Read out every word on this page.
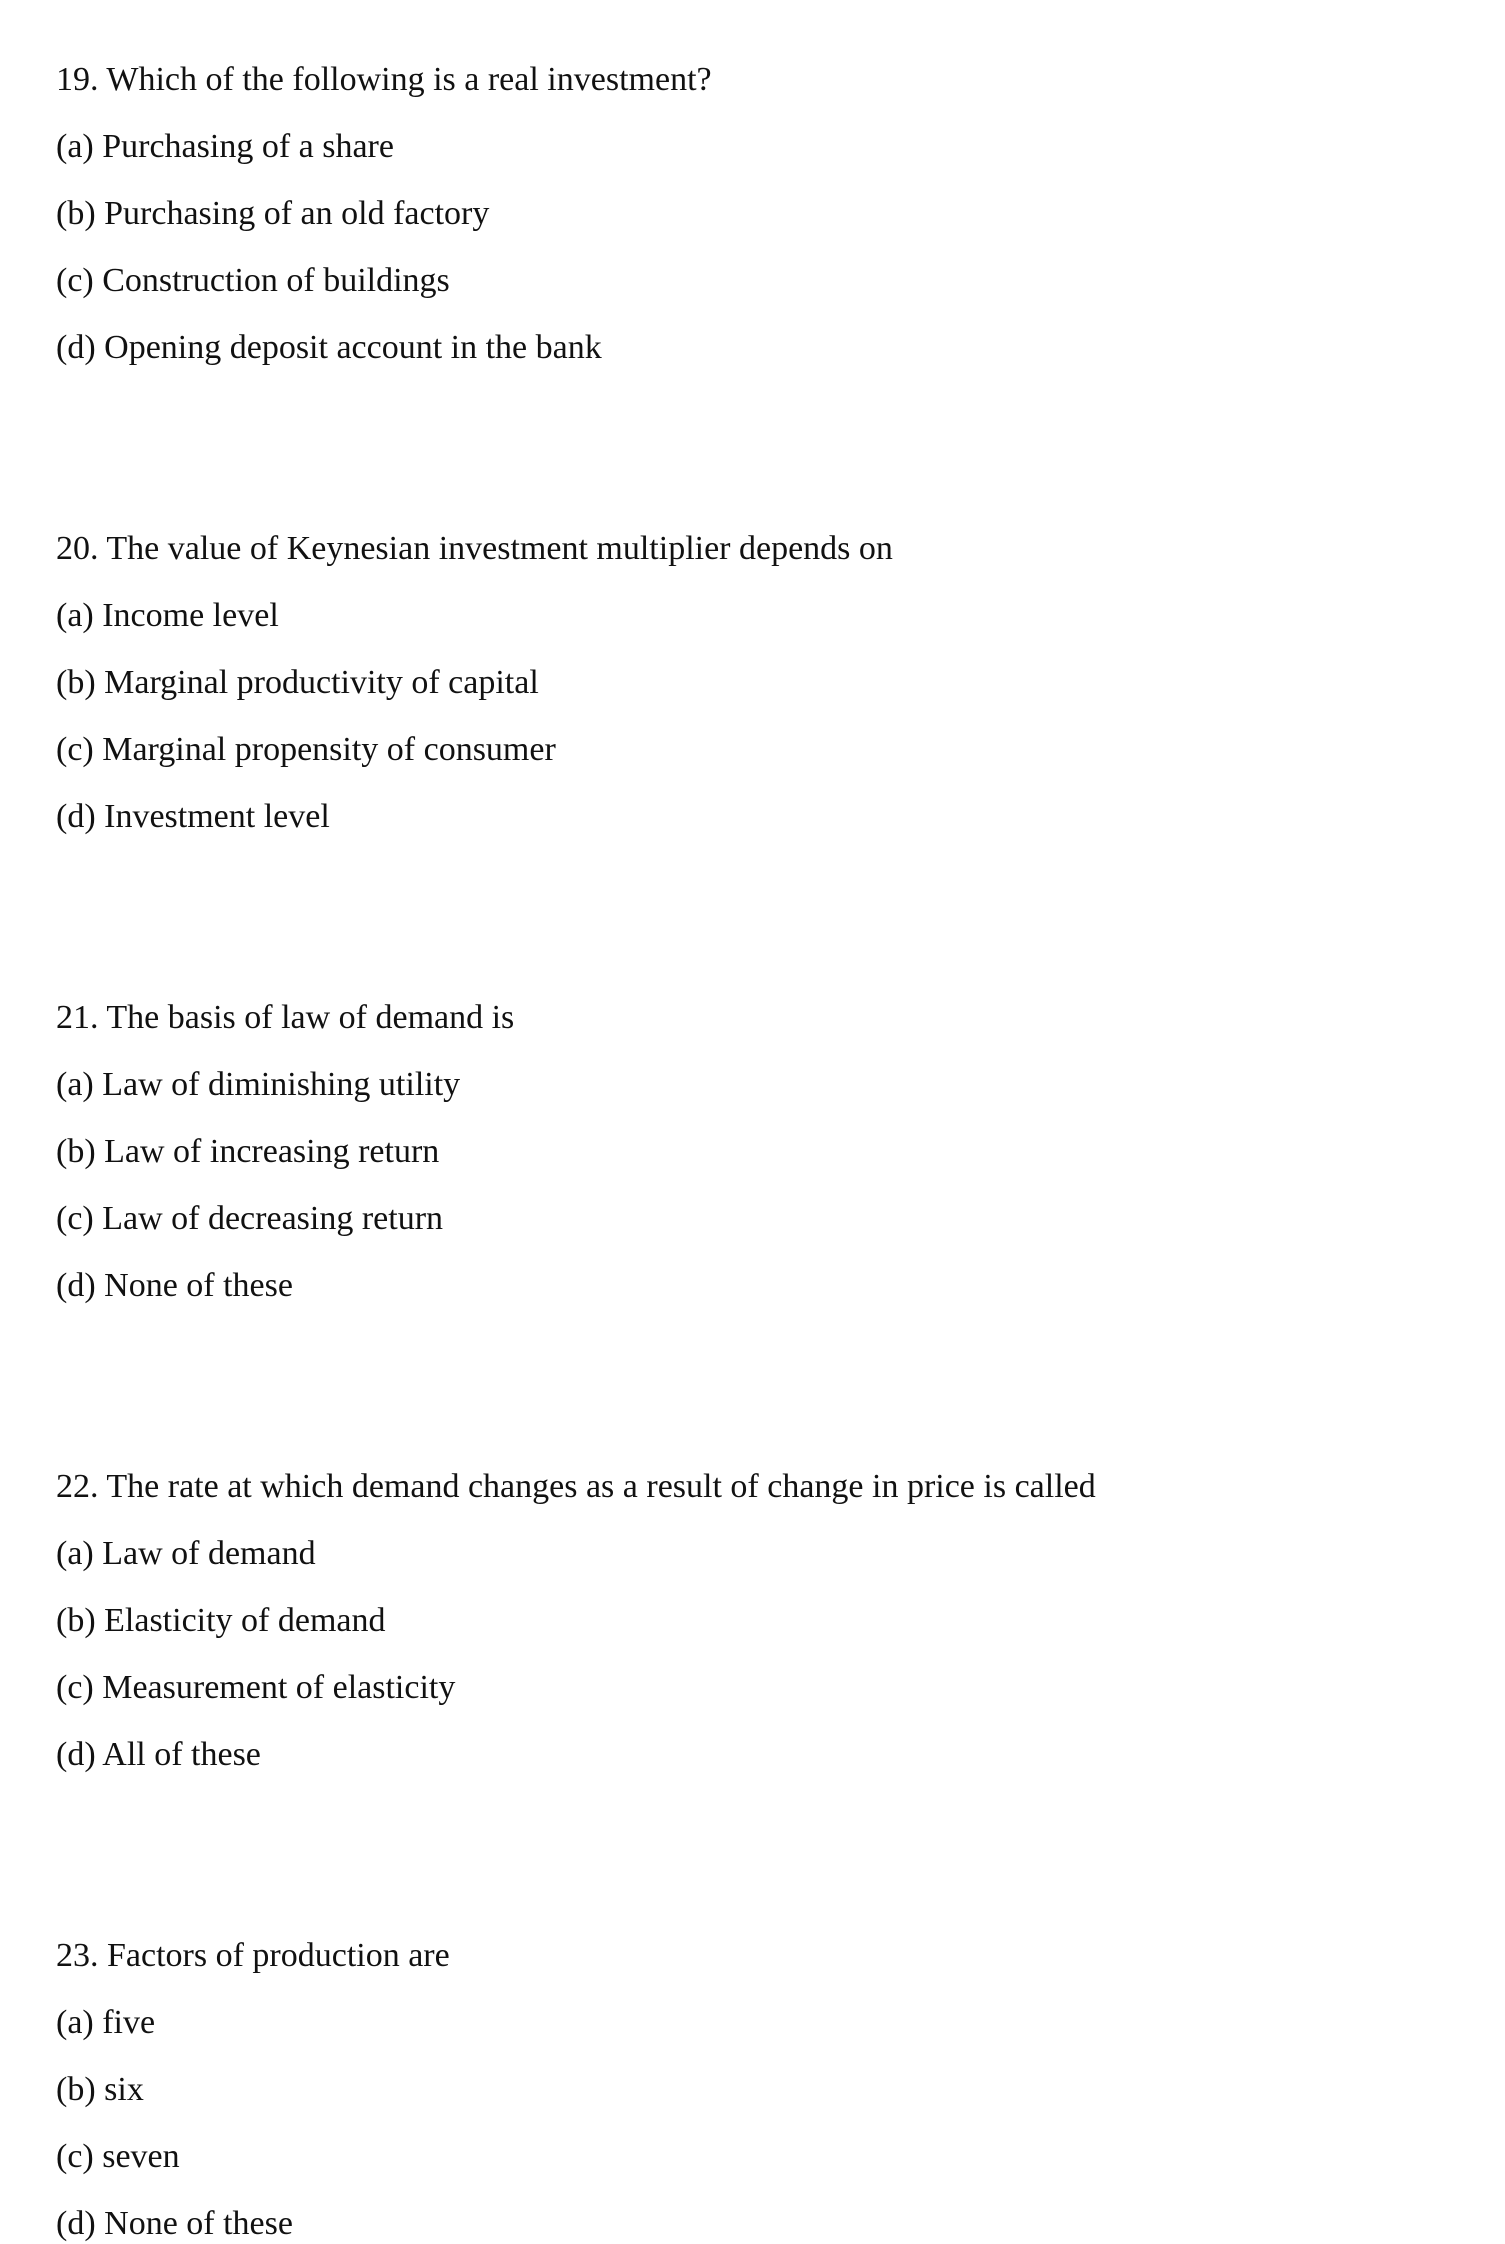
19. Which of the following is a real investment?
(a) Purchasing of a share
(b) Purchasing of an old factory
(c) Construction of buildings
(d) Opening deposit account in the bank
20. The value of Keynesian investment multiplier depends on
(a) Income level
(b) Marginal productivity of capital
(c) Marginal propensity of consumer
(d) Investment level
21. The basis of law of demand is
(a) Law of diminishing utility
(b) Law of increasing return
(c) Law of decreasing return
(d) None of these
22. The rate at which demand changes as a result of change in price is called
(a) Law of demand
(b) Elasticity of demand
(c) Measurement of elasticity
(d) All of these
23. Factors of production are
(a) five
(b) six
(c) seven
(d) None of these
